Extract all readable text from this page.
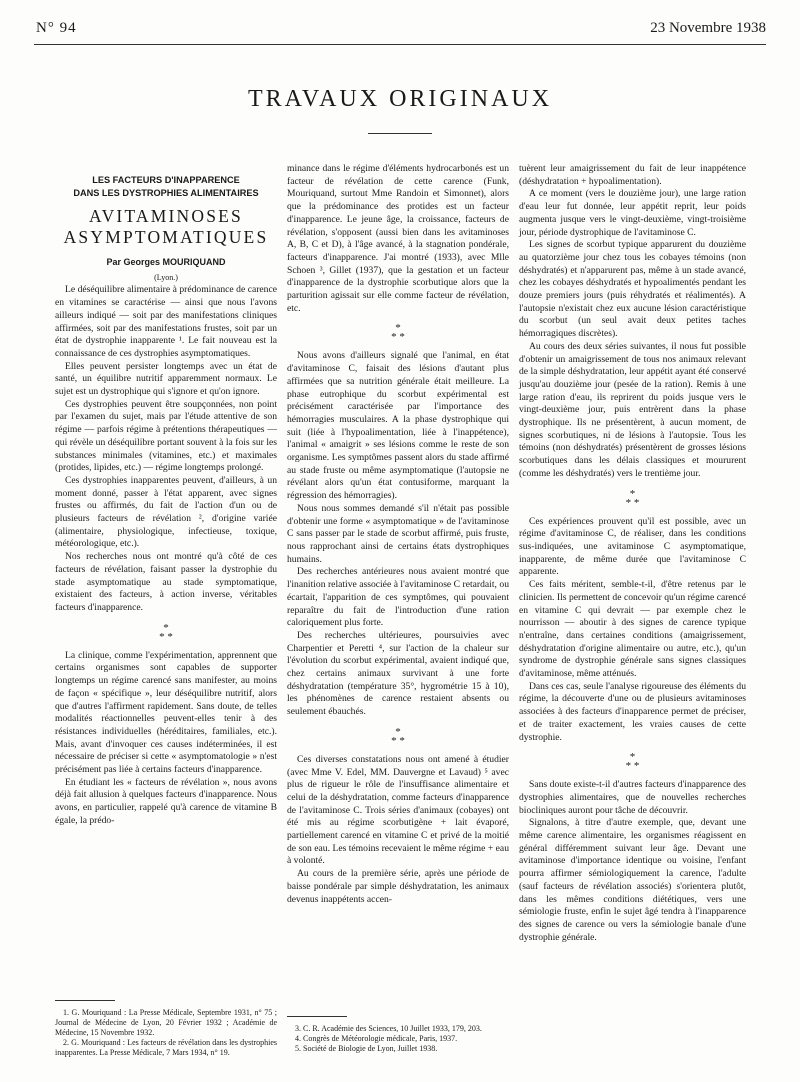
N° 94	23 Novembre 1938
TRAVAUX ORIGINAUX

LES FACTEURS D'INAPPARENCE

DANS LES DYSTROPHIES ALIMENTAIRES

AVITAMINOSES

ASYMPTOMATIQUES

Par Georges MOURIQUAND

(Lyon.)

Le déséquilibre alimentaire à prédominance de carence en vitamines se caractérise — ainsi que nous l'avons ailleurs indiqué — soit par des manifestations cliniques affirmées, soit par des manifestations frustes, soit par un état de dystrophie inapparente ¹. Le fait nouveau est la connaissance de ces dystrophies asymptomatiques.

Elles peuvent persister longtemps avec un état de santé, un équilibre nutritif apparemment normaux. Le sujet est un dystrophique qui s'ignore et qu'on ignore.

Ces dystrophies peuvent être soupçonnées, non point par l'examen du sujet, mais par l'étude attentive de son régime — parfois régime à prétentions thérapeutiques — qui révèle un déséquilibre portant souvent à la fois sur les substances minimales (vitamines, etc.) et maximales (protides, lipides, etc.) — régime longtemps prolongé.

Ces dystrophies inapparentes peuvent, d'ailleurs, à un moment donné, passer à l'état apparent, avec signes frustes ou affirmés, du fait de l'action d'un ou de plusieurs facteurs de révélation ², d'origine variée (alimentaire, physiologique, infectieuse, toxique, météorologique, etc.).

Nos recherches nous ont montré qu'à côté de ces facteurs de révélation, faisant passer la dystrophie du stade asymptomatique au stade symptomatique, existaient des facteurs, à action inverse, véritables facteurs d'inapparence.

*
* *

La clinique, comme l'expérimentation, apprennent que certains organismes sont capables de supporter longtemps un régime carencé sans manifester, au moins de façon « spécifique », leur déséquilibre nutritif, alors que d'autres l'affirment rapidement. Sans doute, de telles modalités réactionnelles peuvent-elles tenir à des résistances individuelles (héréditaires, familiales, etc.). Mais, avant d'invoquer ces causes indéterminées, il est nécessaire de préciser si cette « asymptomatologie » n'est précisément pas liée à certains facteurs d'inapparence.

En étudiant les « facteurs de révélation », nous avons déjà fait allusion à quelques facteurs d'inapparence. Nous avons, en particulier, rappelé qu'à carence de vitamine B égale, la prédo-

1. G. Mouriquand : La Presse Médicale, Septembre 1931, n° 75 ; Journal de Médecine de Lyon, 20 Février 1932 ; Académie de Médecine, 15 Novembre 1932.

2. G. Mouriquand : Les facteurs de révélation dans les dystrophies inapparentes. La Presse Médicale, 7 Mars 1934, n° 19.

minance dans le régime d'éléments hydrocarbonés est un facteur de révélation de cette carence (Funk, Mouriquand, surtout Mme Randoin et Simonnet), alors que la prédominance des protides est un facteur d'inapparence. Le jeune âge, la croissance, facteurs de révélation, s'opposent (aussi bien dans les avitaminoses A, B, C et D), à l'âge avancé, à la stagnation pondérale, facteurs d'inapparence. J'ai montré (1933), avec Mlle Schoen ³, Gillet (1937), que la gestation et un facteur d'inapparence de la dystrophie scorbutique alors que la parturition agissait sur elle comme facteur de révélation, etc.

*
* *

Nous avons d'ailleurs signalé que l'animal, en état d'avitaminose C, faisait des lésions d'autant plus affirmées que sa nutrition générale était meilleure. La phase eutrophique du scorbut expérimental est précisément caractérisée par l'importance des hémorragies musculaires. A la phase dystrophique qui suit (liée à l'hypoalimentation, liée à l'inappétence), l'animal « amaigrit » ses lésions comme le reste de son organisme. Les symptômes passent alors du stade affirmé au stade fruste ou même asymptomatique (l'autopsie ne révélant alors qu'un état contusiforme, marquant la régression des hémorragies).

Nous nous sommes demandé s'il n'était pas possible d'obtenir une forme « asymptomatique » de l'avitaminose C sans passer par le stade de scorbut affirmé, puis fruste, nous rapprochant ainsi de certains états dystrophiques humains.

Des recherches antérieures nous avaient montré que l'inanition relative associée à l'avitaminose C retardait, ou écartait, l'apparition de ces symptômes, qui pouvaient reparaître du fait de l'introduction d'une ration caloriquement plus forte.

Des recherches ultérieures, poursuivies avec Charpentier et Peretti ⁴, sur l'action de la chaleur sur l'évolution du scorbut expérimental, avaient indiqué que, chez certains animaux survivant à une forte déshydratation (température 35°, hygrométrie 15 à 10), les phénomènes de carence restaient absents ou seulement ébauchés.

*
* *

Ces diverses constatations nous ont amené à étudier (avec Mme V. Edel, MM. Dauvergne et Lavaud) ⁵ avec plus de rigueur le rôle de l'insuffisance alimentaire et celui de la déshydratation, comme facteurs d'inapparence de l'avitaminose C. Trois séries d'animaux (cobayes) ont été mis au régime scorbutigène + lait évaporé, partiellement carencé en vitamine C et privé de la moitié de son eau. Les témoins recevaient le même régime + eau à volonté.

Au cours de la première série, après une période de baisse pondérale par simple déshydratation, les animaux devenus inappétents accen-

3. C. R. Académie des Sciences, 10 Juillet 1933, 179, 203.

4. Congrès de Météorologie médicale, Paris, 1937.

5. Société de Biologie de Lyon, Juillet 1938.

tuèrent leur amaigrissement du fait de leur inappétence (déshydratation + hypoalimentation).

A ce moment (vers le douzième jour), une large ration d'eau leur fut donnée, leur appétit reprit, leur poids augmenta jusque vers le vingt-deuxième, vingt-troisième jour, période dystrophique de l'avitaminose C.

Les signes de scorbut typique apparurent du douzième au quatorzième jour chez tous les cobayes témoins (non déshydratés) et n'apparurent pas, même à un stade avancé, chez les cobayes déshydratés et hypoalimentés pendant les douze premiers jours (puis réhydratés et réalimentés). A l'autopsie n'existait chez eux aucune lésion caractéristique du scorbut (un seul avait deux petites taches hémorragiques discrètes).

Au cours des deux séries suivantes, il nous fut possible d'obtenir un amaigrissement de tous nos animaux relevant de la simple déshydratation, leur appétit ayant été conservé jusqu'au douzième jour (pesée de la ration). Remis à une large ration d'eau, ils reprirent du poids jusque vers le vingt-deuxième jour, puis entrèrent dans la phase dystrophique. Ils ne présentèrent, à aucun moment, de signes scorbutiques, ni de lésions à l'autopsie. Tous les témoins (non déshydratés) présentèrent de grosses lésions scorbutiques dans les délais classiques et moururent (comme les déshydratés) vers le trentième jour.

*
* *

Ces expériences prouvent qu'il est possible, avec un régime d'avitaminose C, de réaliser, dans les conditions sus-indiquées, une avitaminose C asymptomatique, inapparente, de même durée que l'avitaminose C apparente.

Ces faits méritent, semble-t-il, d'être retenus par le clinicien. Ils permettent de concevoir qu'un régime carencé en vitamine C qui devrait — par exemple chez le nourrisson — aboutir à des signes de carence typique n'entraîne, dans certaines conditions (amaigrissement, déshydratation d'origine alimentaire ou autre, etc.), qu'un syndrome de dystrophie générale sans signes classiques d'avitaminose, même atténués.

Dans ces cas, seule l'analyse rigoureuse des éléments du régime, la découverte d'une ou de plusieurs avitaminoses associées à des facteurs d'inapparence permet de préciser, et de traiter exactement, les vraies causes de cette dystrophie.

*
* *

Sans doute existe-t-il d'autres facteurs d'inapparence des dystrophies alimentaires, que de nouvelles recherches biocliniques auront pour tâche de découvrir.

Signalons, à titre d'autre exemple, que, devant une même carence alimentaire, les organismes réagissent en général différemment suivant leur âge. Devant une avitaminose d'importance identique ou voisine, l'enfant pourra affirmer sémiologiquement la carence, l'adulte (sauf facteurs de révélation associés) s'orientera plutôt, dans les mêmes conditions diététiques, vers une sémiologie fruste, enfin le sujet âgé tendra à l'inapparence des signes de carence ou vers la sémiologie banale d'une dystrophie générale.
